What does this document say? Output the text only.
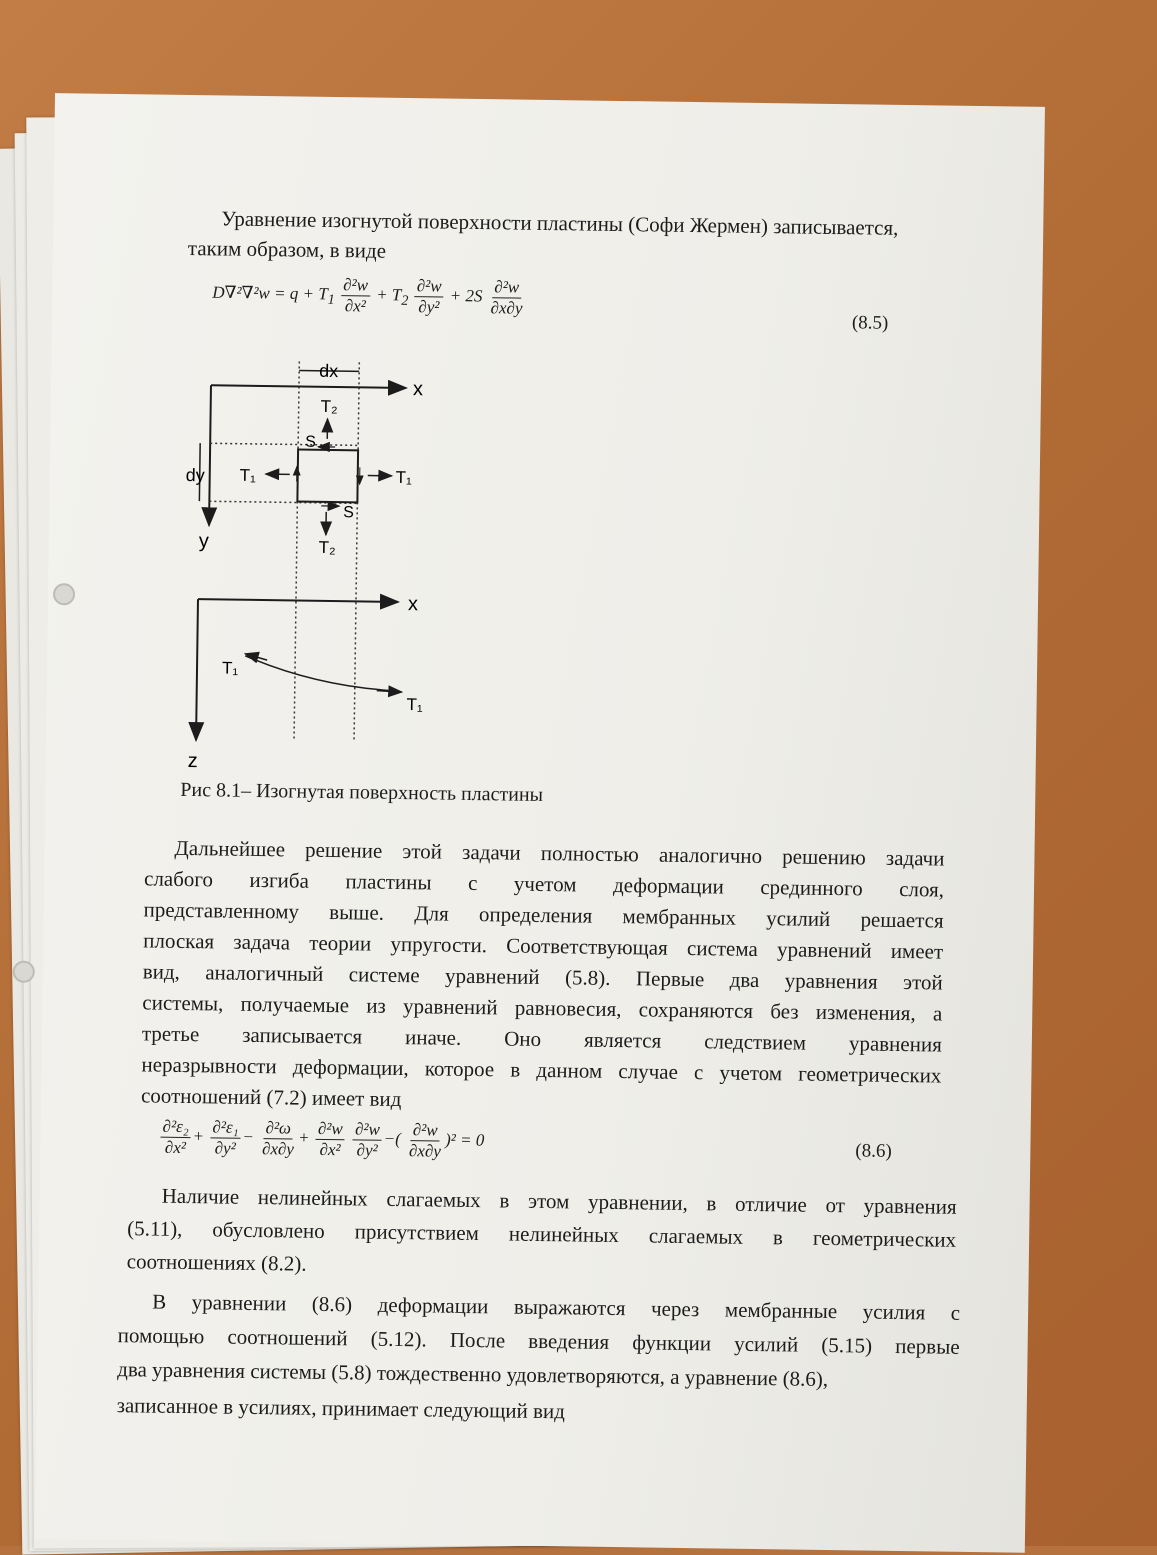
Уравнение изогнутой поверхности пластины (Софи Жермен) записывается,
таким образом, в виде
$D\nabla^2\nabla^2w = q + T_1 \frac{\text{∂²w}}{\text{∂x²}} + T_2 \frac{\text{∂²w}}{\text{∂y²}} + 2S \frac{\text{∂²w}}{\partial x\partial y}$
(8.5)
dx
x
y
dy
T₂
S
T₁	T₁
S
T₂
x
z
T₁
T₁
Рис 8.1– Изогнутая поверхность пластины
Дальнейшее решение этой задачи полностью аналогично решению задачи
слабого изгиба пластины с учетом деформации срединного слоя,
представленному выше. Для определения мембранных усилий решается
плоская задача теории упругости. Соответствующая система уравнений имеет
вид, аналогичный системе уравнений (5.8). Первые два уравнения этой
системы, получаемые из уравнений равновесия, сохраняются без изменения, а
третье записывается иначе. Оно является следствием уравнения
неразрывности деформации, которое в данном случае с учетом геометрических
соотношений (7.2) имеет вид
$\frac{\text{∂²ε₂}}{\text{∂x²}} + \frac{\text{∂²ε₁}}{\text{∂y²}} - \frac{\text{∂²ω}}{\partial x\partial y} + \frac{\text{∂²w}}{\text{∂x²}}$
$\frac{\text{∂²w}}{\text{∂y²}}$ −( $\frac{\text{∂²w}}{\partial x\partial y} )^2 = 0$
(8.6)
Наличие нелинейных слагаемых в этом уравнении, в отличие от уравнения
(5.11), обусловлено присутствием нелинейных слагаемых в геометрических
соотношениях (8.2).
В уравнении (8.6) деформации выражаются через мембранные усилия с
помощью соотношений (5.12). После введения функции усилий (5.15) первые
два уравнения системы (5.8) тождественно удовлетворяются, а уравнение (8.6),
записанное в усилиях, принимает следующий вид
